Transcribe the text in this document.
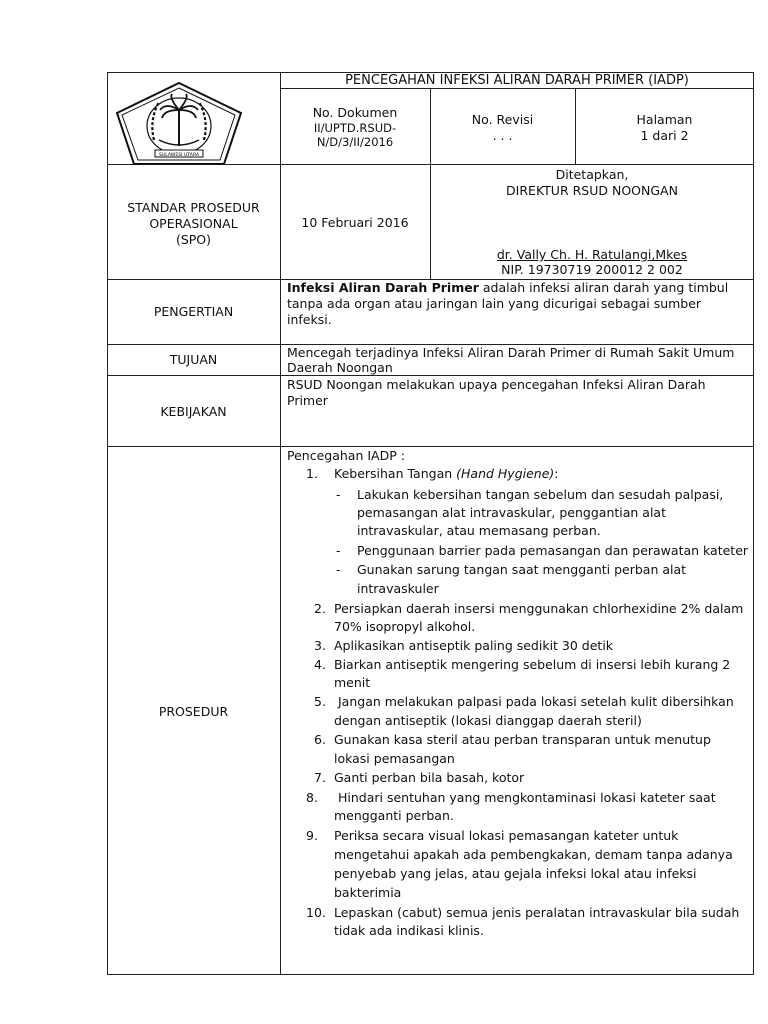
SULAWESI UTARA
PENCEGAHAN INFEKSI ALIRAN DARAH PRIMER (IADP)
No. Dokumen
II/UPTD.RSUD-
N/D/3/II/2016
No. Revisi
. . .
Halaman
1 dari 2
STANDAR PROSEDUR
OPERASIONAL
(SPO)
10 Februari 2016
Ditetapkan,
DIREKTUR RSUD NOONGAN
dr. Vally Ch. H. Ratulangi,Mkes
NIP. 19730719 200012 2 002
PENGERTIAN
Infeksi Aliran Darah Primer adalah infeksi aliran darah yang timbul
tanpa ada organ atau jaringan lain yang dicurigai sebagai sumber
infeksi.
TUJUAN	Mencegah terjadinya Infeksi Aliran Darah Primer di Rumah Sakit Umum
Daerah Noongan
KEBIJAKAN
RSUD Noongan melakukan upaya pencegahan Infeksi Aliran Darah
Primer
PROSEDUR
Pencegahan IADP :
1. Kebersihan Tangan (Hand Hygiene):
- Lakukan kebersihan tangan sebelum dan sesudah palpasi,
pemasangan alat intravaskular, penggantian alat
intravaskular, atau memasang perban.
- Penggunaan barrier pada pemasangan dan perawatan kateter
- Gunakan sarung tangan saat mengganti perban alat
intravaskuler
2. Persiapkan daerah insersi menggunakan chlorhexidine 2% dalam
70% isopropyl alkohol.
3. Aplikasikan antiseptik paling sedikit 30 detik
4. Biarkan antiseptik mengering sebelum di insersi lebih kurang 2
menit
5. Jangan melakukan palpasi pada lokasi setelah kulit dibersihkan
dengan antiseptik (lokasi dianggap daerah steril)
6. Gunakan kasa steril atau perban transparan untuk menutup
lokasi pemasangan
7. Ganti perban bila basah, kotor
8. Hindari sentuhan yang mengkontaminasi lokasi kateter saat
mengganti perban.
9. Periksa secara visual lokasi pemasangan kateter untuk
mengetahui apakah ada pembengkakan, demam tanpa adanya
penyebab yang jelas, atau gejala infeksi lokal atau infeksi
bakterimia
10. Lepaskan (cabut) semua jenis peralatan intravaskular bila sudah
tidak ada indikasi klinis.
